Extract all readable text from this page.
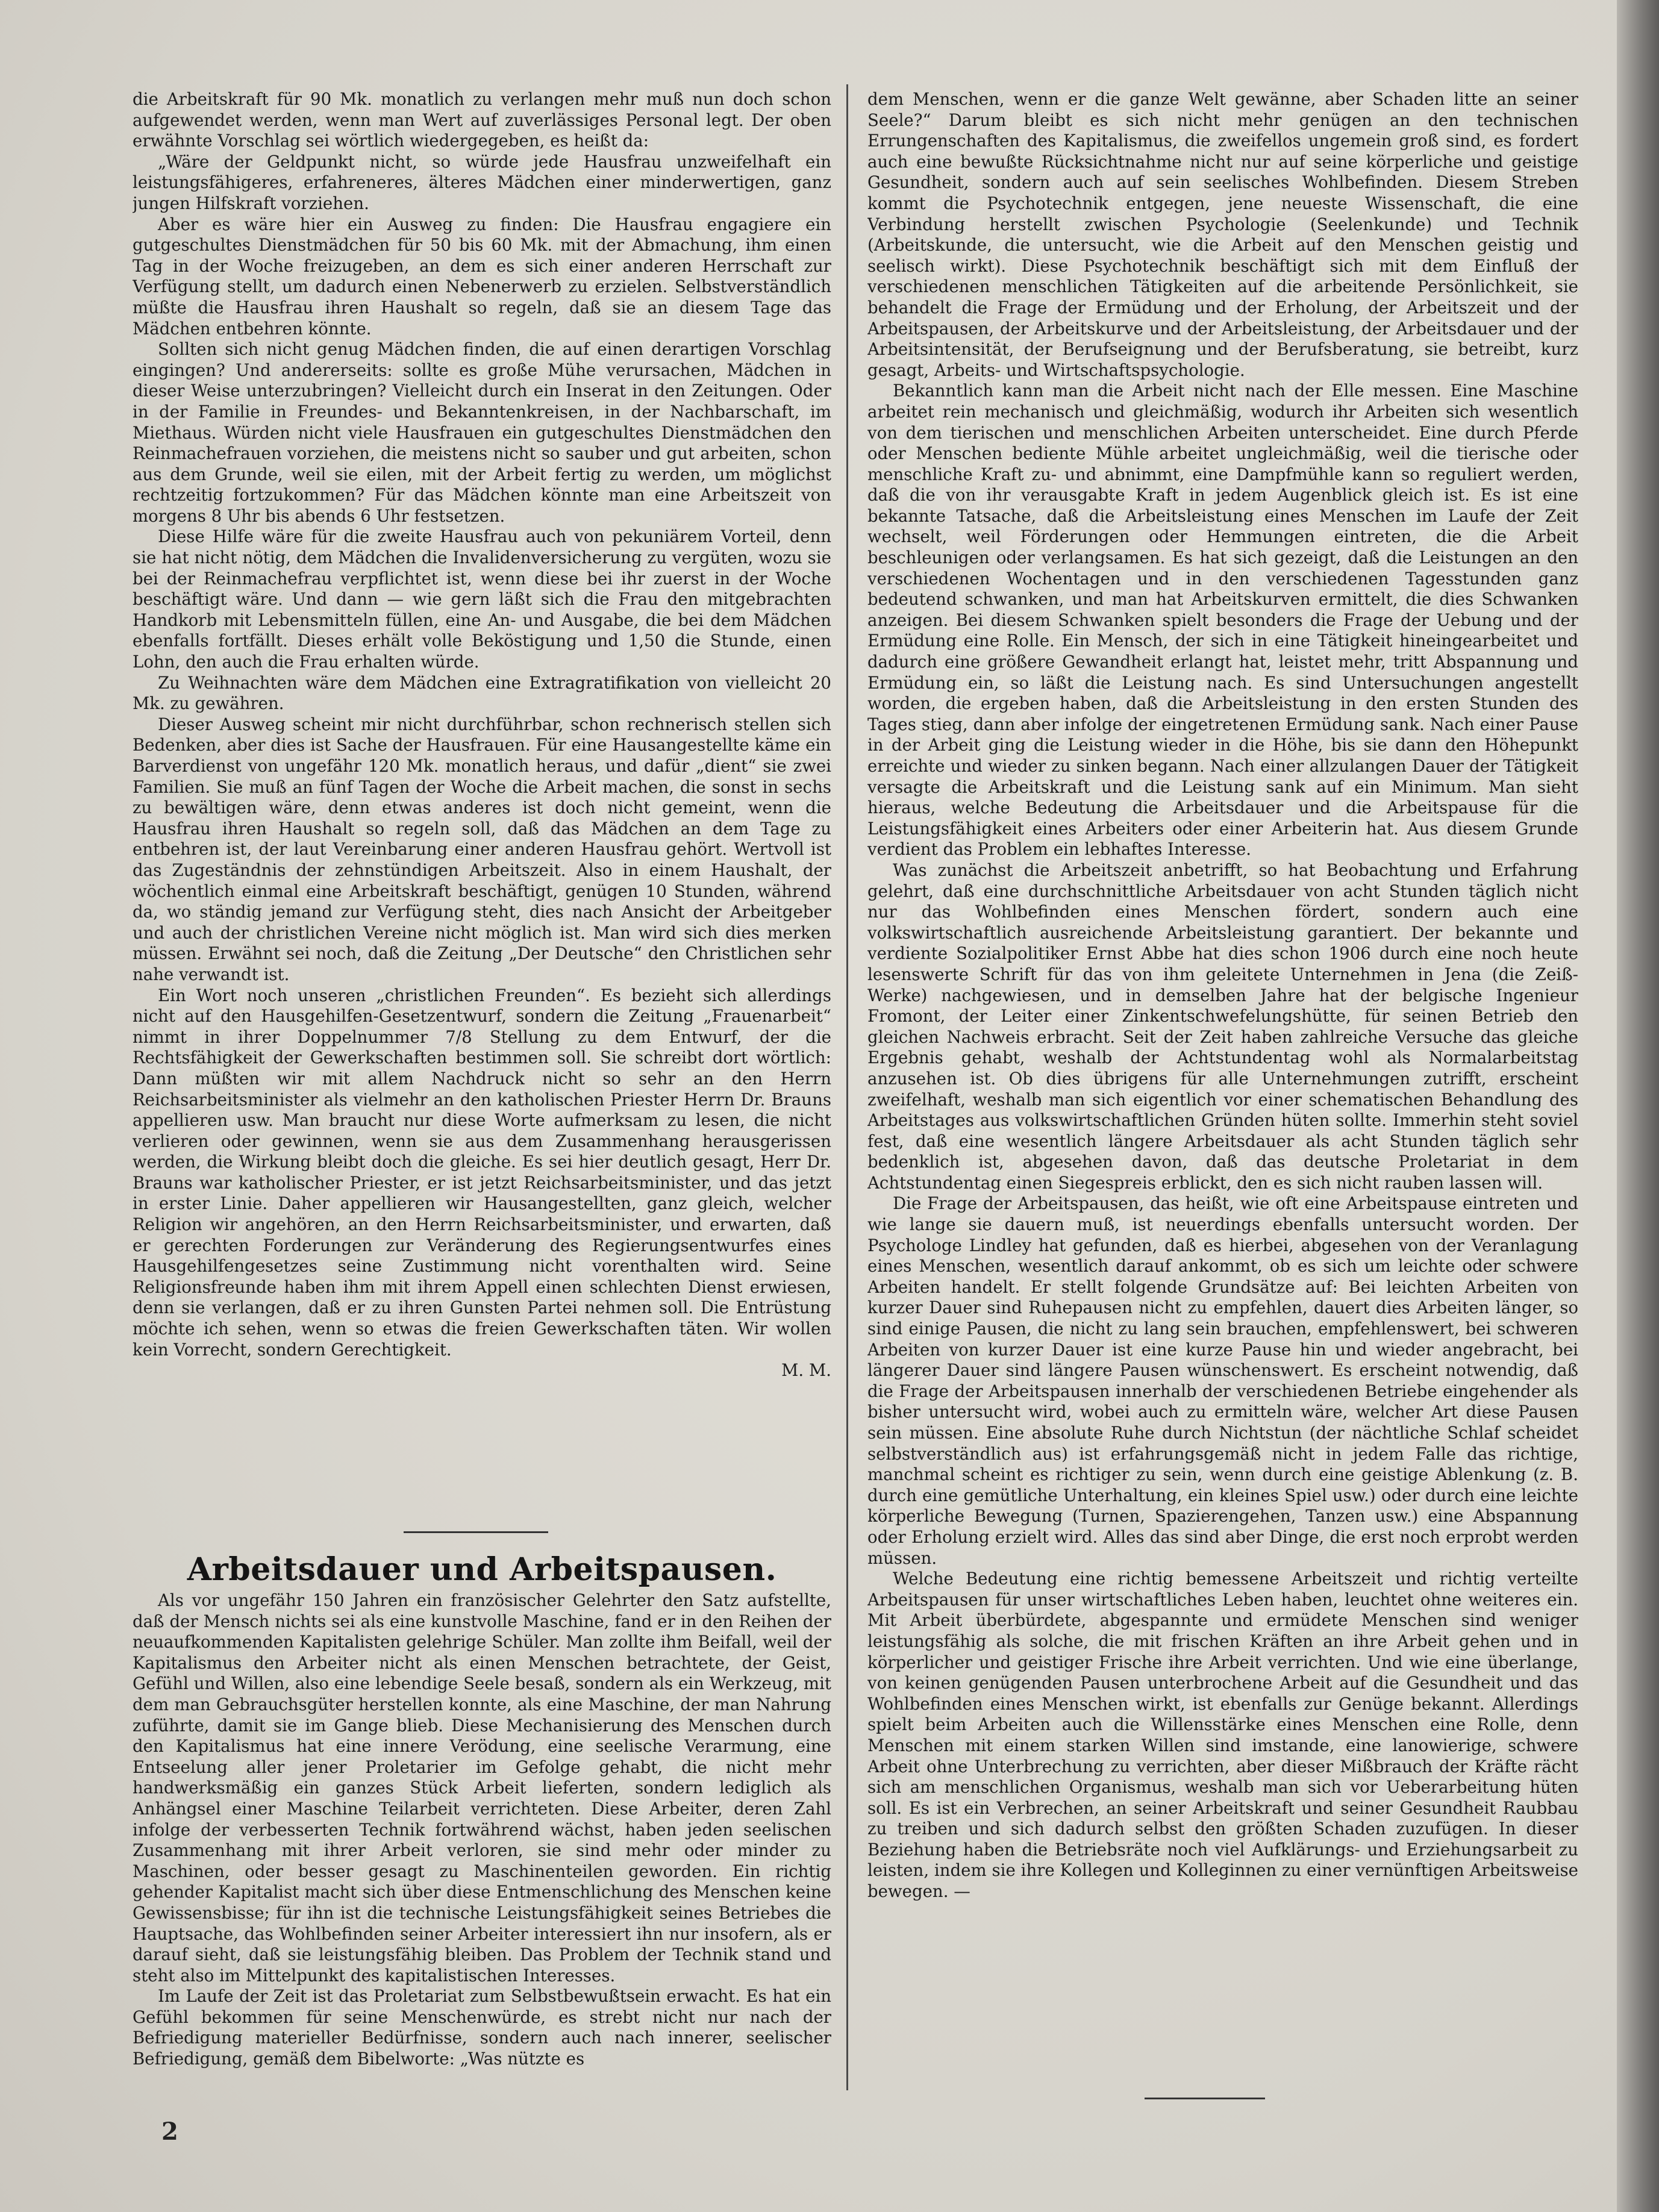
die Arbeitskraft für 90 Mk. monatlich zu verlangen mehr muß nun doch schon aufgewendet werden, wenn man Wert auf zuverlässiges Personal legt. Der oben erwähnte Vorschlag sei wörtlich wiedergegeben, es heißt da:

„Wäre der Geldpunkt nicht, so würde jede Hausfrau unzweifelhaft ein leistungsfähigeres, erfahreneres, älteres Mädchen einer minderwertigen, ganz jungen Hilfskraft vorziehen.

Aber es wäre hier ein Ausweg zu finden: Die Hausfrau engagiere ein gutgeschultes Dienstmädchen für 50 bis 60 Mk. mit der Abmachung, ihm einen Tag in der Woche freizugeben, an dem es sich einer anderen Herrschaft zur Verfügung stellt, um dadurch einen Nebenerwerb zu erzielen. Selbstverständlich müßte die Hausfrau ihren Haushalt so regeln, daß sie an diesem Tage das Mädchen entbehren könnte.

Sollten sich nicht genug Mädchen finden, die auf einen derartigen Vorschlag eingingen? Und andererseits: sollte es große Mühe verursachen, Mädchen in dieser Weise unterzubringen? Vielleicht durch ein Inserat in den Zeitungen. Oder in der Familie in Freundes- und Bekanntenkreisen, in der Nachbarschaft, im Miethaus. Würden nicht viele Hausfrauen ein gutgeschultes Dienstmädchen den Reinmachefrauen vorziehen, die meistens nicht so sauber und gut arbeiten, schon aus dem Grunde, weil sie eilen, mit der Arbeit fertig zu werden, um möglichst rechtzeitig fortzukommen? Für das Mädchen könnte man eine Arbeitszeit von morgens 8 Uhr bis abends 6 Uhr festsetzen.

Diese Hilfe wäre für die zweite Hausfrau auch von pekuniärem Vorteil, denn sie hat nicht nötig, dem Mädchen die Invalidenversicherung zu vergüten, wozu sie bei der Reinmachefrau verpflichtet ist, wenn diese bei ihr zuerst in der Woche beschäftigt wäre. Und dann — wie gern läßt sich die Frau den mitgebrachten Handkorb mit Lebensmitteln füllen, eine An- und Ausgabe, die bei dem Mädchen ebenfalls fortfällt. Dieses erhält volle Beköstigung und 1,50 die Stunde, einen Lohn, den auch die Frau erhalten würde.

Zu Weihnachten wäre dem Mädchen eine Extragratifikation von vielleicht 20 Mk. zu gewähren.

Dieser Ausweg scheint mir nicht durchführbar, schon rechnerisch stellen sich Bedenken, aber dies ist Sache der Hausfrauen. Für eine Hausangestellte käme ein Barverdienst von ungefähr 120 Mk. monatlich heraus, und dafür „dient“ sie zwei Familien. Sie muß an fünf Tagen der Woche die Arbeit machen, die sonst in sechs zu bewältigen wäre, denn etwas anderes ist doch nicht gemeint, wenn die Hausfrau ihren Haushalt so regeln soll, daß das Mädchen an dem Tage zu entbehren ist, der laut Vereinbarung einer anderen Hausfrau gehört. Wertvoll ist das Zugeständnis der zehnstündigen Arbeitszeit. Also in einem Haushalt, der wöchentlich einmal eine Arbeitskraft beschäftigt, genügen 10 Stunden, während da, wo ständig jemand zur Verfügung steht, dies nach Ansicht der Arbeitgeber und auch der christlichen Vereine nicht möglich ist. Man wird sich dies merken müssen. Erwähnt sei noch, daß die Zeitung „Der Deutsche“ den Christlichen sehr nahe verwandt ist.

Ein Wort noch unseren „christlichen Freunden“. Es bezieht sich allerdings nicht auf den Hausgehilfen-Gesetzentwurf, sondern die Zeitung „Frauenarbeit“ nimmt in ihrer Doppelnummer 7/8 Stellung zu dem Entwurf, der die Rechtsfähigkeit der Gewerkschaften bestimmen soll. Sie schreibt dort wörtlich: Dann müßten wir mit allem Nachdruck nicht so sehr an den Herrn Reichsarbeitsminister als vielmehr an den katholischen Priester Herrn Dr. Brauns appellieren usw. Man braucht nur diese Worte aufmerksam zu lesen, die nicht verlieren oder gewinnen, wenn sie aus dem Zusammenhang herausgerissen werden, die Wirkung bleibt doch die gleiche. Es sei hier deutlich gesagt, Herr Dr. Brauns war katholischer Priester, er ist jetzt Reichsarbeitsminister, und das jetzt in erster Linie. Daher appellieren wir Hausangestellten, ganz gleich, welcher Religion wir angehören, an den Herrn Reichsarbeitsminister, und erwarten, daß er gerechten Forderungen zur Veränderung des Regierungsentwurfes eines Hausgehilfengesetzes seine Zustimmung nicht vorenthalten wird. Seine Religionsfreunde haben ihm mit ihrem Appell einen schlechten Dienst erwiesen, denn sie verlangen, daß er zu ihren Gunsten Partei nehmen soll. Die Entrüstung möchte ich sehen, wenn so etwas die freien Gewerkschaften täten. Wir wollen kein Vorrecht, sondern Gerechtigkeit.

M. M.

Arbeitsdauer und Arbeitspausen.

Als vor ungefähr 150 Jahren ein französischer Gelehrter den Satz aufstellte, daß der Mensch nichts sei als eine kunstvolle Maschine, fand er in den Reihen der neuaufkommenden Kapitalisten gelehrige Schüler. Man zollte ihm Beifall, weil der Kapitalismus den Arbeiter nicht als einen Menschen betrachtete, der Geist, Gefühl und Willen, also eine lebendige Seele besaß, sondern als ein Werkzeug, mit dem man Gebrauchsgüter herstellen konnte, als eine Maschine, der man Nahrung zuführte, damit sie im Gange blieb. Diese Mechanisierung des Menschen durch den Kapitalismus hat eine innere Verödung, eine seelische Verarmung, eine Entseelung aller jener Proletarier im Gefolge gehabt, die nicht mehr handwerksmäßig ein ganzes Stück Arbeit lieferten, sondern lediglich als Anhängsel einer Maschine Teilarbeit verrichteten. Diese Arbeiter, deren Zahl infolge der verbesserten Technik fortwährend wächst, haben jeden seelischen Zusammenhang mit ihrer Arbeit verloren, sie sind mehr oder minder zu Maschinen, oder besser gesagt zu Maschinenteilen geworden. Ein richtig gehender Kapitalist macht sich über diese Entmenschlichung des Menschen keine Gewissensbisse; für ihn ist die technische Leistungsfähigkeit seines Betriebes die Hauptsache, das Wohlbefinden seiner Arbeiter interessiert ihn nur insofern, als er darauf sieht, daß sie leistungsfähig bleiben. Das Problem der Technik stand und steht also im Mittelpunkt des kapitalistischen Interesses.

Im Laufe der Zeit ist das Proletariat zum Selbstbewußtsein erwacht. Es hat ein Gefühl bekommen für seine Menschenwürde, es strebt nicht nur nach der Befriedigung materieller Bedürfnisse, sondern auch nach innerer, seelischer Befriedigung, gemäß dem Bibelworte: „Was nützte es

dem Menschen, wenn er die ganze Welt gewänne, aber Schaden litte an seiner Seele?“ Darum bleibt es sich nicht mehr genügen an den technischen Errungenschaften des Kapitalismus, die zweifellos ungemein groß sind, es fordert auch eine bewußte Rücksichtnahme nicht nur auf seine körperliche und geistige Gesundheit, sondern auch auf sein seelisches Wohlbefinden. Diesem Streben kommt die Psychotechnik entgegen, jene neueste Wissenschaft, die eine Verbindung herstellt zwischen Psychologie (Seelenkunde) und Technik (Arbeitskunde, die untersucht, wie die Arbeit auf den Menschen geistig und seelisch wirkt). Diese Psychotechnik beschäftigt sich mit dem Einfluß der verschiedenen menschlichen Tätigkeiten auf die arbeitende Persönlichkeit, sie behandelt die Frage der Ermüdung und der Erholung, der Arbeitszeit und der Arbeitspausen, der Arbeitskurve und der Arbeitsleistung, der Arbeitsdauer und der Arbeitsintensität, der Berufseignung und der Berufsberatung, sie betreibt, kurz gesagt, Arbeits- und Wirtschaftspsychologie.

Bekanntlich kann man die Arbeit nicht nach der Elle messen. Eine Maschine arbeitet rein mechanisch und gleichmäßig, wodurch ihr Arbeiten sich wesentlich von dem tierischen und menschlichen Arbeiten unterscheidet. Eine durch Pferde oder Menschen bediente Mühle arbeitet ungleichmäßig, weil die tierische oder menschliche Kraft zu- und abnimmt, eine Dampfmühle kann so reguliert werden, daß die von ihr verausgabte Kraft in jedem Augenblick gleich ist. Es ist eine bekannte Tatsache, daß die Arbeitsleistung eines Menschen im Laufe der Zeit wechselt, weil Förderungen oder Hemmungen eintreten, die die Arbeit beschleunigen oder verlangsamen. Es hat sich gezeigt, daß die Leistungen an den verschiedenen Wochentagen und in den verschiedenen Tagesstunden ganz bedeutend schwanken, und man hat Arbeitskurven ermittelt, die dies Schwanken anzeigen. Bei diesem Schwanken spielt besonders die Frage der Uebung und der Ermüdung eine Rolle. Ein Mensch, der sich in eine Tätigkeit hineingearbeitet und dadurch eine größere Gewandheit erlangt hat, leistet mehr, tritt Abspannung und Ermüdung ein, so läßt die Leistung nach. Es sind Untersuchungen angestellt worden, die ergeben haben, daß die Arbeitsleistung in den ersten Stunden des Tages stieg, dann aber infolge der eingetretenen Ermüdung sank. Nach einer Pause in der Arbeit ging die Leistung wieder in die Höhe, bis sie dann den Höhepunkt erreichte und wieder zu sinken begann. Nach einer allzulangen Dauer der Tätigkeit versagte die Arbeitskraft und die Leistung sank auf ein Minimum. Man sieht hieraus, welche Bedeutung die Arbeitsdauer und die Arbeitspause für die Leistungsfähigkeit eines Arbeiters oder einer Arbeiterin hat. Aus diesem Grunde verdient das Problem ein lebhaftes Interesse.

Was zunächst die Arbeitszeit anbetrifft, so hat Beobachtung und Erfahrung gelehrt, daß eine durchschnittliche Arbeitsdauer von acht Stunden täglich nicht nur das Wohlbefinden eines Menschen fördert, sondern auch eine volkswirtschaftlich ausreichende Arbeitsleistung garantiert. Der bekannte und verdiente Sozialpolitiker Ernst Abbe hat dies schon 1906 durch eine noch heute lesenswerte Schrift für das von ihm geleitete Unternehmen in Jena (die Zeiß-Werke) nachgewiesen, und in demselben Jahre hat der belgische Ingenieur Fromont, der Leiter einer Zinkentschwefelungshütte, für seinen Betrieb den gleichen Nachweis erbracht. Seit der Zeit haben zahlreiche Versuche das gleiche Ergebnis gehabt, weshalb der Achtstundentag wohl als Normalarbeitstag anzusehen ist. Ob dies übrigens für alle Unternehmungen zutrifft, erscheint zweifelhaft, weshalb man sich eigentlich vor einer schematischen Behandlung des Arbeitstages aus volkswirtschaftlichen Gründen hüten sollte. Immerhin steht soviel fest, daß eine wesentlich längere Arbeitsdauer als acht Stunden täglich sehr bedenklich ist, abgesehen davon, daß das deutsche Proletariat in dem Achtstundentag einen Siegespreis erblickt, den es sich nicht rauben lassen will.

Die Frage der Arbeitspausen, das heißt, wie oft eine Arbeitspause eintreten und wie lange sie dauern muß, ist neuerdings ebenfalls untersucht worden. Der Psychologe Lindley hat gefunden, daß es hierbei, abgesehen von der Veranlagung eines Menschen, wesentlich darauf ankommt, ob es sich um leichte oder schwere Arbeiten handelt. Er stellt folgende Grundsätze auf: Bei leichten Arbeiten von kurzer Dauer sind Ruhepausen nicht zu empfehlen, dauert dies Arbeiten länger, so sind einige Pausen, die nicht zu lang sein brauchen, empfehlenswert, bei schweren Arbeiten von kurzer Dauer ist eine kurze Pause hin und wieder angebracht, bei längerer Dauer sind längere Pausen wünschenswert. Es erscheint notwendig, daß die Frage der Arbeitspausen innerhalb der verschiedenen Betriebe eingehender als bisher untersucht wird, wobei auch zu ermitteln wäre, welcher Art diese Pausen sein müssen. Eine absolute Ruhe durch Nichtstun (der nächtliche Schlaf scheidet selbstverständlich aus) ist erfahrungsgemäß nicht in jedem Falle das richtige, manchmal scheint es richtiger zu sein, wenn durch eine geistige Ablenkung (z. B. durch eine gemütliche Unterhaltung, ein kleines Spiel usw.) oder durch eine leichte körperliche Bewegung (Turnen, Spazierengehen, Tanzen usw.) eine Abspannung oder Erholung erzielt wird. Alles das sind aber Dinge, die erst noch erprobt werden müssen.

Welche Bedeutung eine richtig bemessene Arbeitszeit und richtig verteilte Arbeitspausen für unser wirtschaftliches Leben haben, leuchtet ohne weiteres ein. Mit Arbeit überbürdete, abgespannte und ermüdete Menschen sind weniger leistungsfähig als solche, die mit frischen Kräften an ihre Arbeit gehen und in körperlicher und geistiger Frische ihre Arbeit verrichten. Und wie eine überlange, von keinen genügenden Pausen unterbrochene Arbeit auf die Gesundheit und das Wohlbefinden eines Menschen wirkt, ist ebenfalls zur Genüge bekannt. Allerdings spielt beim Arbeiten auch die Willensstärke eines Menschen eine Rolle, denn Menschen mit einem starken Willen sind imstande, eine lanowierige, schwere Arbeit ohne Unterbrechung zu verrichten, aber dieser Mißbrauch der Kräfte rächt sich am menschlichen Organismus, weshalb man sich vor Ueberarbeitung hüten soll. Es ist ein Verbrechen, an seiner Arbeitskraft und seiner Gesundheit Raubbau zu treiben und sich dadurch selbst den größten Schaden zuzufügen. In dieser Beziehung haben die Betriebsräte noch viel Aufklärungs- und Erziehungsarbeit zu leisten, indem sie ihre Kollegen und Kolleginnen zu einer vernünftigen Arbeitsweise bewegen. —

2
